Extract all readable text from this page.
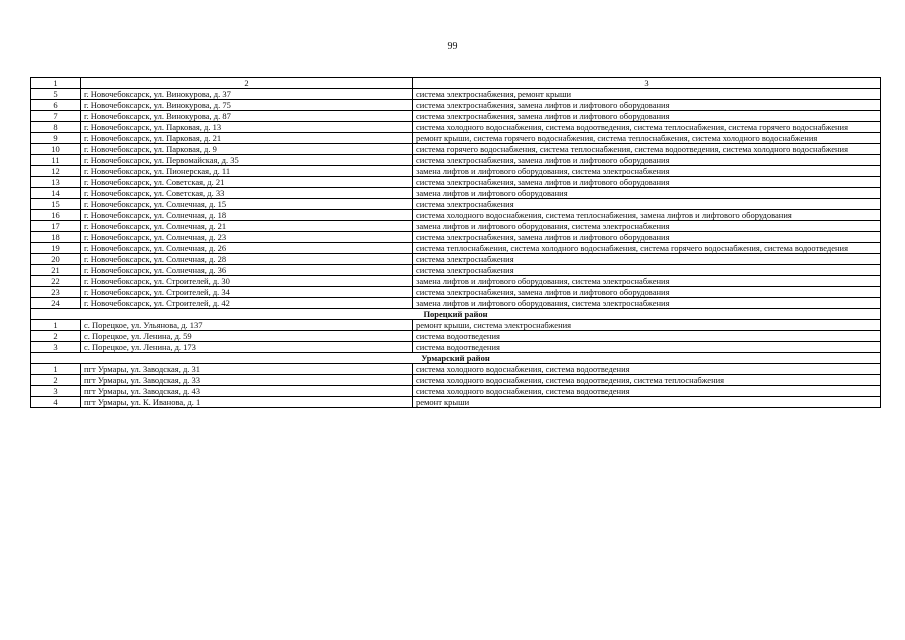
99
1	2	3
5	г. Новочебоксарск, ул. Винокурова, д. 37	система электроснабжения, ремонт крыши
6	г. Новочебоксарск, ул. Винокурова, д. 75	система электроснабжения, замена лифтов и лифтового оборудования
7	г. Новочебоксарск, ул. Винокурова, д. 87	система электроснабжения, замена лифтов и лифтового оборудования
8	г. Новочебоксарск, ул. Парковая, д. 13	система холодного водоснабжения, система водоотведения, система теплоснабжения, система горячего водоснабжения
9	г. Новочебоксарск, ул. Парковая, д. 21	ремонт крыши, система горячего водоснабжения, система теплоснабжения, система холодного водоснабжения
10	г. Новочебоксарск, ул. Парковая, д. 9	система горячего водоснабжения, система теплоснабжения, система водоотведения, система холодного водоснабжения
11	г. Новочебоксарск, ул. Первомайская, д. 35	система электроснабжения, замена лифтов и лифтового оборудования
12	г. Новочебоксарск, ул. Пионерская, д. 11	замена лифтов и лифтового оборудования, система электроснабжения
13	г. Новочебоксарск, ул. Советская, д. 21	система электроснабжения, замена лифтов и лифтового оборудования
14	г. Новочебоксарск, ул. Советская, д. 33	замена лифтов и лифтового оборудования
15	г. Новочебоксарск, ул. Солнечная, д. 15	система электроснабжения
16	г. Новочебоксарск, ул. Солнечная, д. 18	система холодного водоснабжения, система теплоснабжения, замена лифтов и лифтового оборудования
17	г. Новочебоксарск, ул. Солнечная, д. 21	замена лифтов и лифтового оборудования, система электроснабжения
18	г. Новочебоксарск, ул. Солнечная, д. 23	система электроснабжения, замена лифтов и лифтового оборудования
19	г. Новочебоксарск, ул. Солнечная, д. 26	система теплоснабжения, система холодного водоснабжения, система горячего водоснабжения, система водоотведения
20	г. Новочебоксарск, ул. Солнечная, д. 28	система электроснабжения
21	г. Новочебоксарск, ул. Солнечная, д. 36	система электроснабжения
22	г. Новочебоксарск, ул. Строителей, д. 30	замена лифтов и лифтового оборудования, система электроснабжения
23	г. Новочебоксарск, ул. Строителей, д. 34	система электроснабжения, замена лифтов и лифтового оборудования
24	г. Новочебоксарск, ул. Строителей, д. 42	замена лифтов и лифтового оборудования, система электроснабжения
Порецкий район		
1	с. Порецкое, ул. Ульянова, д. 137	ремонт крыши, система электроснабжения
2	с. Порецкое, ул. Ленина, д. 59	система водоотведения
3	с. Порецкое, ул. Ленина, д. 173	система водоотведения
Урмарский район		
1	пгт Урмары, ул. Заводская, д. 31	система холодного водоснабжения, система водоотведения
2	пгт Урмары, ул. Заводская, д. 33	система холодного водоснабжения, система водоотведения, система теплоснабжения
3	пгт Урмары, ул. Заводская, д. 43	система холодного водоснабжения, система водоотведения
4	пгт Урмары, ул. К. Иванова, д. 1	ремонт крыши
